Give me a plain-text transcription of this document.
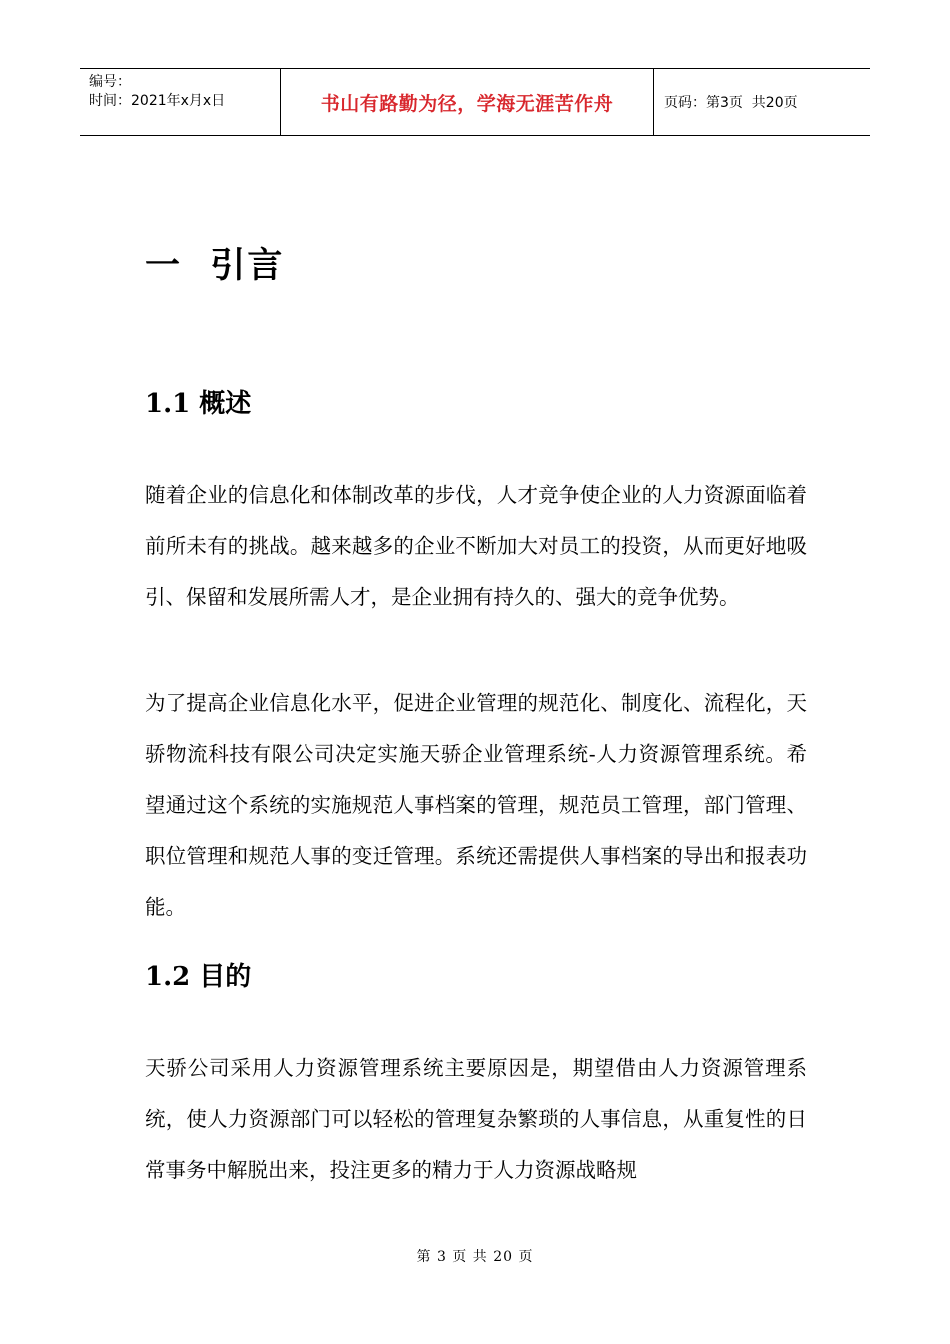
编号：
时间：2021年x月x日	书山有路勤为径，学海无涯苦作舟	页码：第3页  共20页
一  引言
1.1 概述

随着企业的信息化和体制改革的步伐，人才竞争使企业的人力资源面临着前所未有的挑战。越来越多的企业不断加大对员工的投资，从而更好地吸引、保留和发展所需人才，是企业拥有持久的、强大的竞争优势。

为了提高企业信息化水平，促进企业管理的规范化、制度化、流程化，天骄物流科技有限公司决定实施天骄企业管理系统-人力资源管理系统。希望通过这个系统的实施规范人事档案的管理，规范员工管理，部门管理、职位管理和规范人事的变迁管理。系统还需提供人事档案的导出和报表功能。

1.2 目的

天骄公司采用人力资源管理系统主要原因是，期望借由人力资源管理系统，使人力资源部门可以轻松的管理复杂繁琐的人事信息，从重复性的日常事务中解脱出来，投注更多的精力于人力资源战略规

第 3 页 共 20 页
